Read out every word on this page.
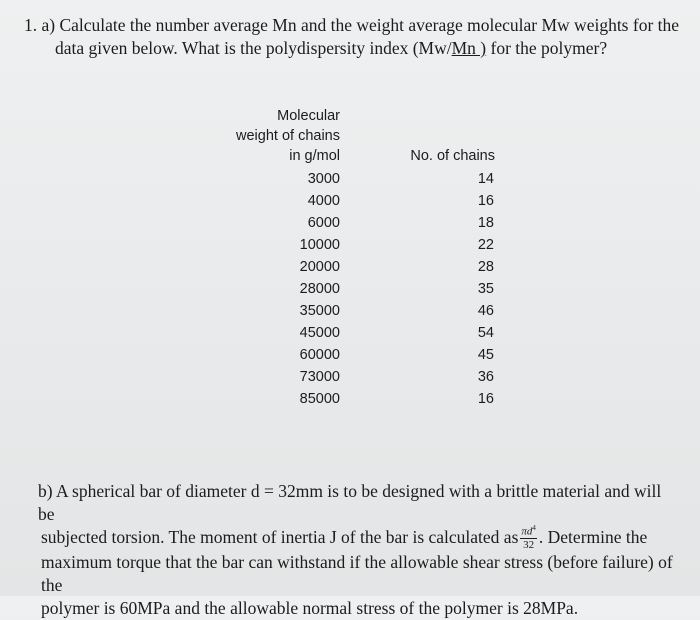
1. a) Calculate the number average Mn and the weight average molecular Mw weights for the
data given below. What is the polydispersity index (Mw/Mn ) for the polymer?
Molecular
weight of chains
in g/mol	No. of chains
3000
4000
6000
10000
20000
28000
35000
45000
60000
73000
85000
14
16
18
22
28
35
46
54
45
36
16
b) A spherical bar of diameter d = 32mm is to be designed with a brittle material and will be
subjected torsion. The moment of inertia J of the bar is calculated as $\frac{\pi d^4}{32}$ . Determine the
maximum torque that the bar can withstand if the allowable shear stress (before failure) of the
polymer is 60MPa and the allowable normal stress of the polymer is 28MPa.
